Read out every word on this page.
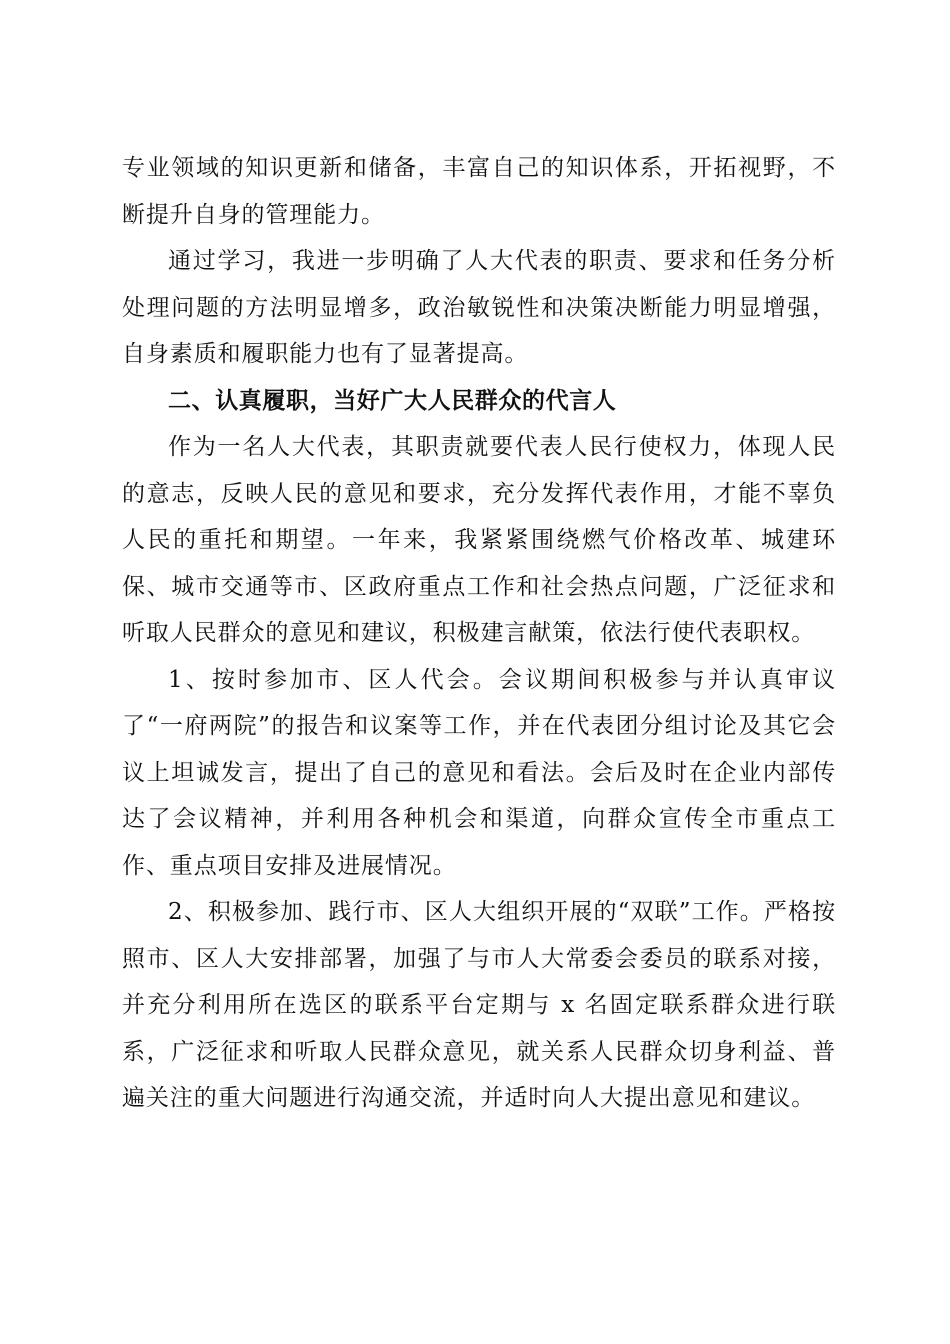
专业领域的知识更新和储备，丰富自己的知识体系，开拓视野，不断提升自身的管理能力。

通过学习，我进一步明确了人大代表的职责、要求和任务分析处理问题的方法明显增多，政治敏锐性和决策决断能力明显增强，自身素质和履职能力也有了显著提高。

二、认真履职，当好广大人民群众的代言人

作为一名人大代表，其职责就要代表人民行使权力，体现人民的意志，反映人民的意见和要求，充分发挥代表作用，才能不辜负人民的重托和期望。一年来，我紧紧围绕燃气价格改革、城建环保、城市交通等市、区政府重点工作和社会热点问题，广泛征求和听取人民群众的意见和建议，积极建言献策，依法行使代表职权。

1、按时参加市、区人代会。会议期间积极参与并认真审议了“一府两院”的报告和议案等工作，并在代表团分组讨论及其它会议上坦诚发言，提出了自己的意见和看法。会后及时在企业内部传达了会议精神，并利用各种机会和渠道，向群众宣传全市重点工作、重点项目安排及进展情况。

2、积极参加、践行市、区人大组织开展的“双联”工作。严格按照市、区人大安排部署，加强了与市人大常委会委员的联系对接，并充分利用所在选区的联系平台定期与 x 名固定联系群众进行联系，广泛征求和听取人民群众意见，就关系人民群众切身利益、普遍关注的重大问题进行沟通交流，并适时向人大提出意见和建议。
